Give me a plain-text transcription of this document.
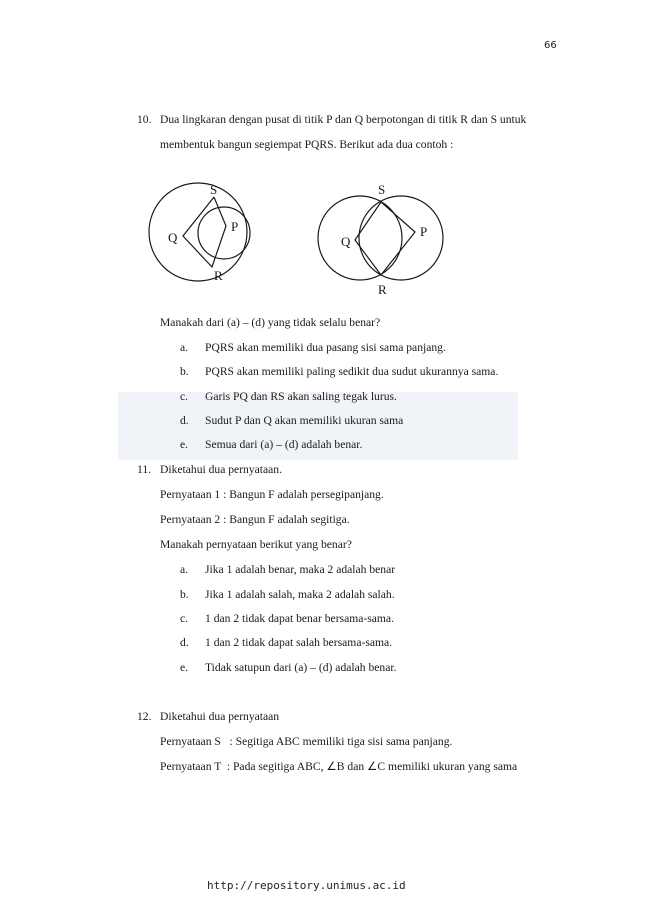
66
10. Dua lingkaran dengan pusat di titik P dan Q berpotongan di titik R dan S untuk
membentuk bangun segiempat PQRS. Berikut ada dua contoh :
S
Q
P
R
S
Q
P
R
Manakah dari (a) – (d) yang tidak selalu benar?
a. PQRS akan memiliki dua pasang sisi sama panjang.
b. PQRS akan memiliki paling sedikit dua sudut ukurannya sama.
c. Garis PQ dan RS akan saling tegak lurus.
d. Sudut P dan Q akan memiliki ukuran sama
e. Semua dari (a) – (d) adalah benar.
11. Diketahui dua pernyataan.
Pernyataan 1 : Bangun F adalah persegipanjang.
Pernyataan 2 : Bangun F adalah segitiga.
Manakah pernyataan berikut yang benar?
a. Jika 1 adalah benar, maka 2 adalah benar
b. Jika 1 adalah salah, maka 2 adalah salah.
c. 1 dan 2 tidak dapat benar bersama-sama.
d. 1 dan 2 tidak dapat salah bersama-sama.
e. Tidak satupun dari (a) – (d) adalah benar.
12. Diketahui dua pernyataan
Pernyataan S   : Segitiga ABC memiliki tiga sisi sama panjang.
Pernyataan T  : Pada segitiga ABC, ∠B dan ∠C memiliki ukuran yang sama
http://repository.unimus.ac.id
